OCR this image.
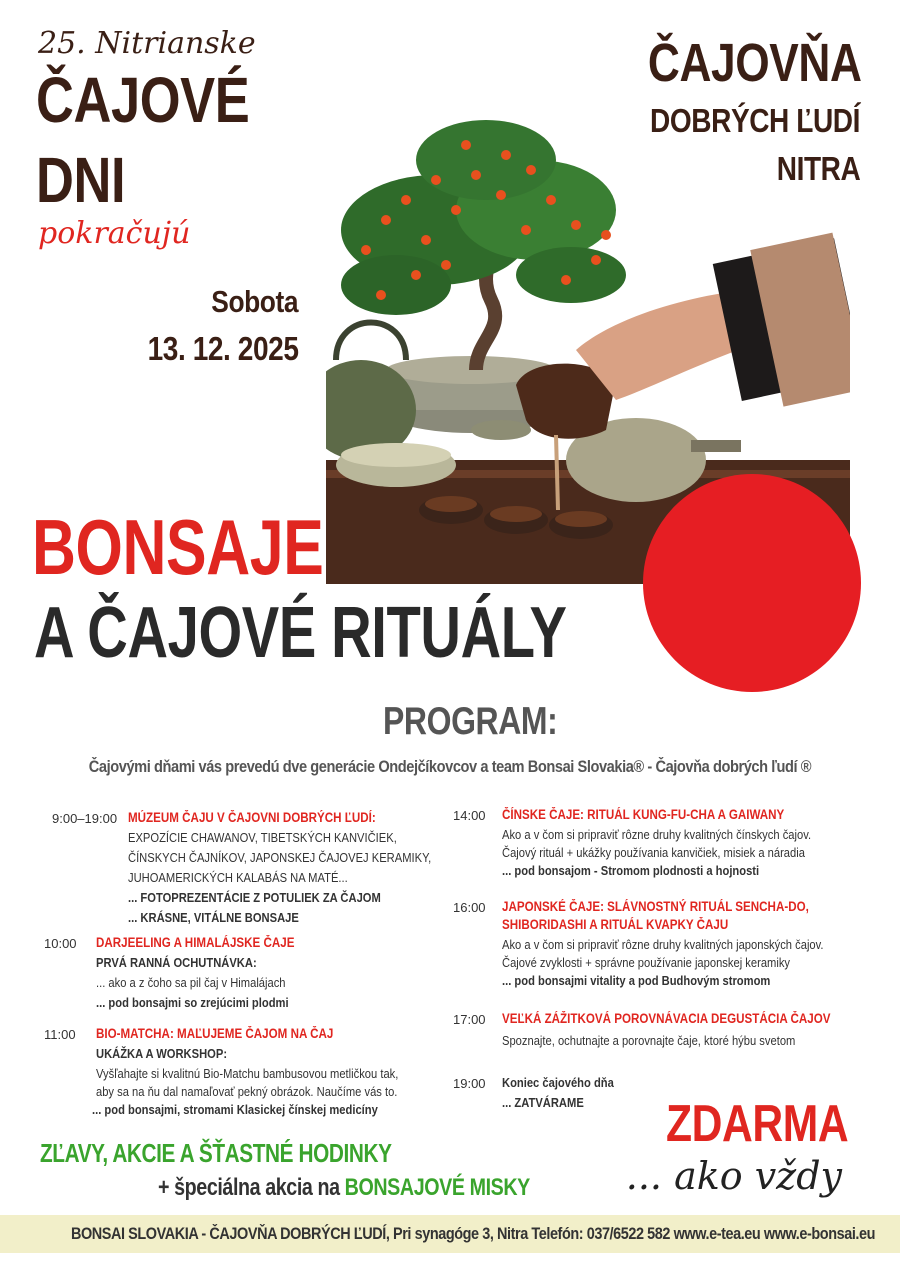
25. Nitrianske
ČAJOVÉ
DNI
pokračujú
Sobota
13. 12. 2025
ČAJOVŇA
DOBRÝCH ĽUDÍ
NITRA
BONSAJE
A ČAJOVÉ RITUÁLY
PROGRAM:
Čajovými dňami vás prevedú dve generácie Ondejčíkovcov a team Bonsai Slovakia® - Čajovňa dobrých ľudí ®
9:00–19:00 MÚZEUM ČAJU V ČAJOVNI DOBRÝCH ĽUDÍ:
EXPOZÍCIE CHAWANOV, TIBETSKÝCH KANVIČIEK,
ČÍNSKYCH ČAJNÍKOV, JAPONSKEJ ČAJOVEJ KERAMIKY,
JUHOAMERICKÝCH KALABÁS NA MATÉ...
... FOTOPREZENTÁCIE Z POTULIEK ZA ČAJOM
... KRÁSNE, VITÁLNE BONSAJE
10:00 DARJEELING A HIMALÁJSKE ČAJE
PRVÁ RANNÁ OCHUTNÁVKA:
... ako a z čoho sa pil čaj v Himalájach
... pod bonsajmi so zrejúcimi plodmi
11:00 BIO-MATCHA: MAĽUJEME ČAJOM NA ČAJ
UKÁŽKA A WORKSHOP:
Vyšľahajte si kvalitnú Bio-Matchu bambusovou metličkou tak,
aby sa na ňu dal namaľovať pekný obrázok. Naučíme vás to.
... pod bonsajmi, stromami Klasickej čínskej medicíny
14:00 ČÍNSKE ČAJE: RITUÁL KUNG-FU-CHA A GAIWANY
Ako a v čom si pripraviť rôzne druhy kvalitných čínskych čajov.
Čajový rituál + ukážky používania kanvičiek, misiek a náradia
... pod bonsajom - Stromom plodnosti a hojnosti
16:00 JAPONSKÉ ČAJE: SLÁVNOSTNÝ RITUÁL SENCHA-DO,
SHIBORIDASHI A RITUÁL KVAPKY ČAJU
Ako a v čom si pripraviť rôzne druhy kvalitných japonských čajov.
Čajové zvyklosti + správne používanie japonskej keramiky
... pod bonsajmi vitality a pod Budhovým stromom
17:00 VEĽKÁ ZÁŽITKOVÁ POROVNÁVACIA DEGUSTÁCIA ČAJOV
Spoznajte, ochutnajte a porovnajte čaje, ktoré hýbu svetom
19:00 Koniec čajového dňa
... ZATVÁRAME
ZĽAVY, AKCIE A ŠŤASTNÉ HODINKY
+ špeciálna akcia na BONSAJOVÉ MISKY
ZDARMA
... ako vždy
BONSAI SLOVAKIA - ČAJOVŇA DOBRÝCH ĽUDÍ, Pri synagóge 3, Nitra Telefón: 037/6522 582 www.e-tea.eu www.e-bonsai.eu
